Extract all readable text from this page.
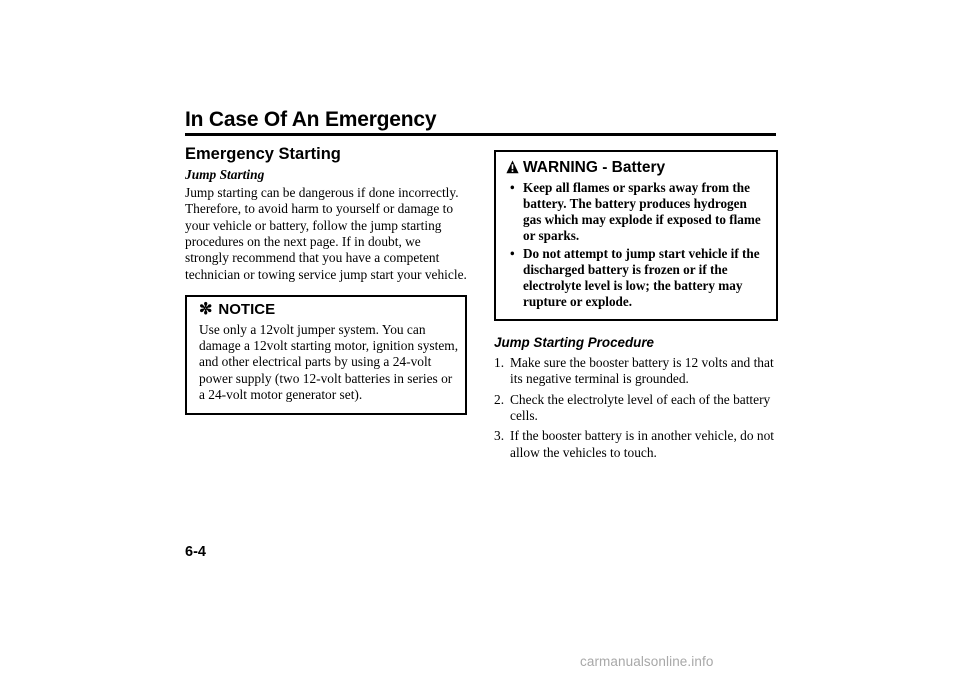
In Case Of An Emergency
Emergency Starting
Jump Starting

Jump starting can be dangerous if done incorrectly. Therefore, to avoid harm to yourself or damage to your vehicle or battery, follow the jump starting procedures on the next page. If in doubt, we strongly recommend that you have a competent technician or towing service jump start your vehicle.

✼ NOTICE

Use only a 12volt jumper system. You can damage a 12volt starting motor, ignition system, and other electrical parts by using a 24-volt power supply (two 12-volt batteries in series or a 24-volt motor generator set).

WARNING - Battery
• Keep all flames or sparks away from the battery. The battery produces hydrogen gas which may explode if exposed to flame or sparks.
• Do not attempt to jump start vehicle if the discharged battery is frozen or if the electrolyte level is low; the battery may rupture or explode.
Jump Starting Procedure
1. Make sure the booster battery is 12 volts and that its negative terminal is grounded.
2. Check the electrolyte level of each of the battery cells.
3. If the booster battery is in another vehicle, do not allow the vehicles to touch.
6-4
carmanualsonline.info
